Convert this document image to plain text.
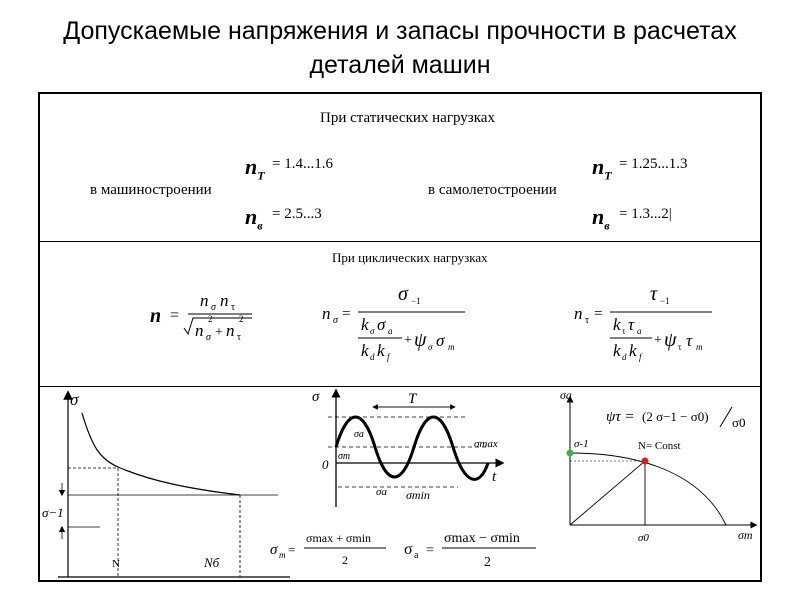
Допускаемые напряжения и запасы прочности в расчетах деталей машин
При статических нагрузках
в машиностроении
$n_T$
= 1.4...1.6
$n_в$
= 2.5...3
в самолетостроении
$n_T$
= 1.25...1.3
$n_в$
= 1.3...2|
При циклических нагрузках
n =
n σ n τ
n σ
2
+ n τ
2	n σ =
σ −1
k σ σ a
k d k f
+ ψ σ σ m
n τ =
τ −1
k τ τ a
k d k f
+ ψ τ τ m
σ
σ−1
N	Nб
σ	T
0
t
σa
σm
σmax
σmin
σa
σ m =
σmax + σmin
2
σ a =
σmax − σmin
2
σa
σm
σ-1
σ0
N= Const
ψτ = (2 σ−1 − σ0) σ0
